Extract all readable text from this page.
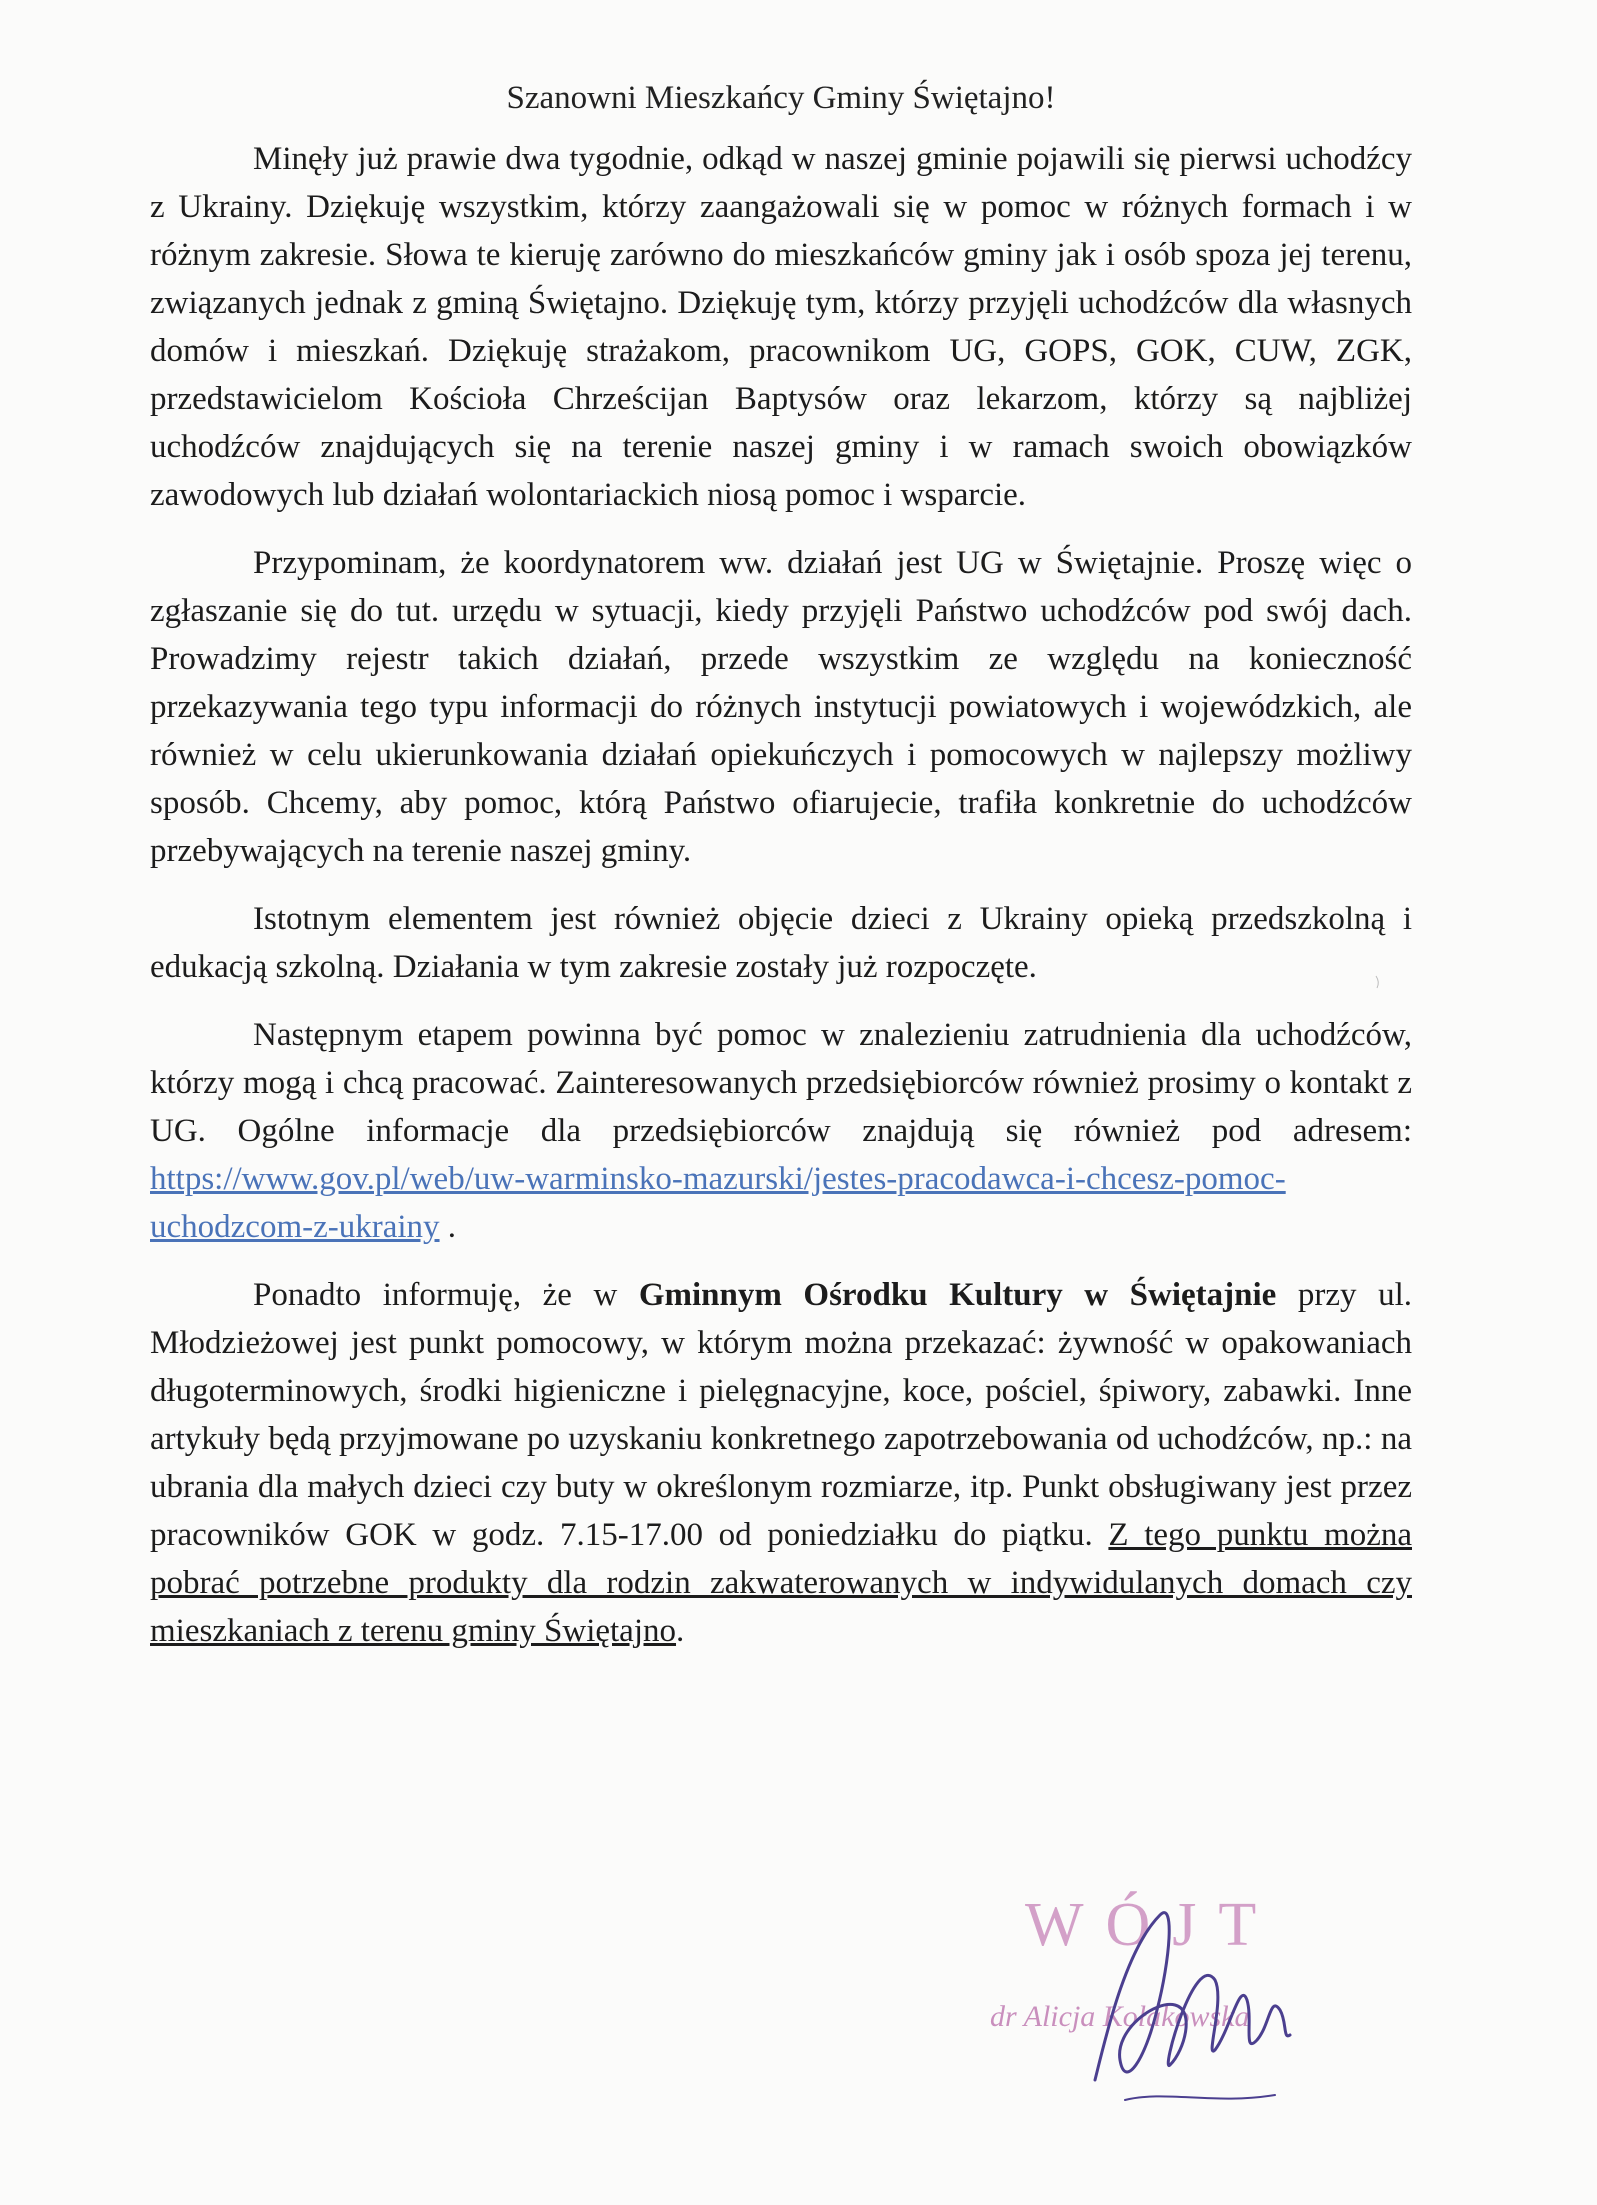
Szanowni Mieszkańcy Gminy Świętajno!

Minęły już prawie dwa tygodnie, odkąd w naszej gminie pojawili się pierwsi uchodźcy z Ukrainy. Dziękuję wszystkim, którzy zaangażowali się w pomoc w różnych formach i w różnym zakresie. Słowa te kieruję zarówno do mieszkańców gminy jak i osób spoza jej terenu, związanych jednak z gminą Świętajno. Dziękuję tym, którzy przyjęli uchodźców dla własnych domów i mieszkań. Dziękuję strażakom, pracownikom UG, GOPS, GOK, CUW, ZGK, przedstawicielom Kościoła Chrześcijan Baptysów oraz lekarzom, którzy są najbliżej uchodźców znajdujących się na terenie naszej gminy i w ramach swoich obowiązków zawodowych lub działań wolontariackich niosą pomoc i wsparcie.

Przypominam, że koordynatorem ww. działań jest UG w Świętajnie. Proszę więc o zgłaszanie się do tut. urzędu w sytuacji, kiedy przyjęli Państwo uchodźców pod swój dach. Prowadzimy rejestr takich działań, przede wszystkim ze względu na konieczność przekazywania tego typu informacji do różnych instytucji powiatowych i wojewódzkich, ale również w celu ukierunkowania działań opiekuńczych i pomocowych w najlepszy możliwy sposób. Chcemy, aby pomoc, którą Państwo ofiarujecie, trafiła konkretnie do uchodźców przebywających na terenie naszej gminy.

Istotnym elementem jest również objęcie dzieci z Ukrainy opieką przedszkolną i edukacją szkolną. Działania w tym zakresie zostały już rozpoczęte.

Następnym etapem powinna być pomoc w znalezieniu zatrudnienia dla uchodźców, którzy mogą i chcą pracować. Zainteresowanych przedsiębiorców również prosimy o kontakt z UG. Ogólne informacje dla przedsiębiorców znajdują się również pod adresem: https://www.gov.pl/web/uw-warminsko-mazurski/jestes-pracodawca-i-chcesz-pomoc-uchodzcom-z-ukrainy .

Ponadto informuję, że w Gminnym Ośrodku Kultury w Świętajnie przy ul. Młodzieżowej jest punkt pomocowy, w którym można przekazać: żywność w opakowaniach długoterminowych, środki higieniczne i pielęgnacyjne, koce, pościel, śpiwory, zabawki. Inne artykuły będą przyjmowane po uzyskaniu konkretnego zapotrzebowania od uchodźców, np.: na ubrania dla małych dzieci czy buty w określonym rozmiarze, itp. Punkt obsługiwany jest przez pracowników GOK w godz. 7.15-17.00 od poniedziałku do piątku. Z tego punktu można pobrać potrzebne produkty dla rodzin zakwaterowanych w indywidulanych domach czy mieszkaniach z terenu gminy Świętajno.

WÓJT
dr Alicja Kołakowska
